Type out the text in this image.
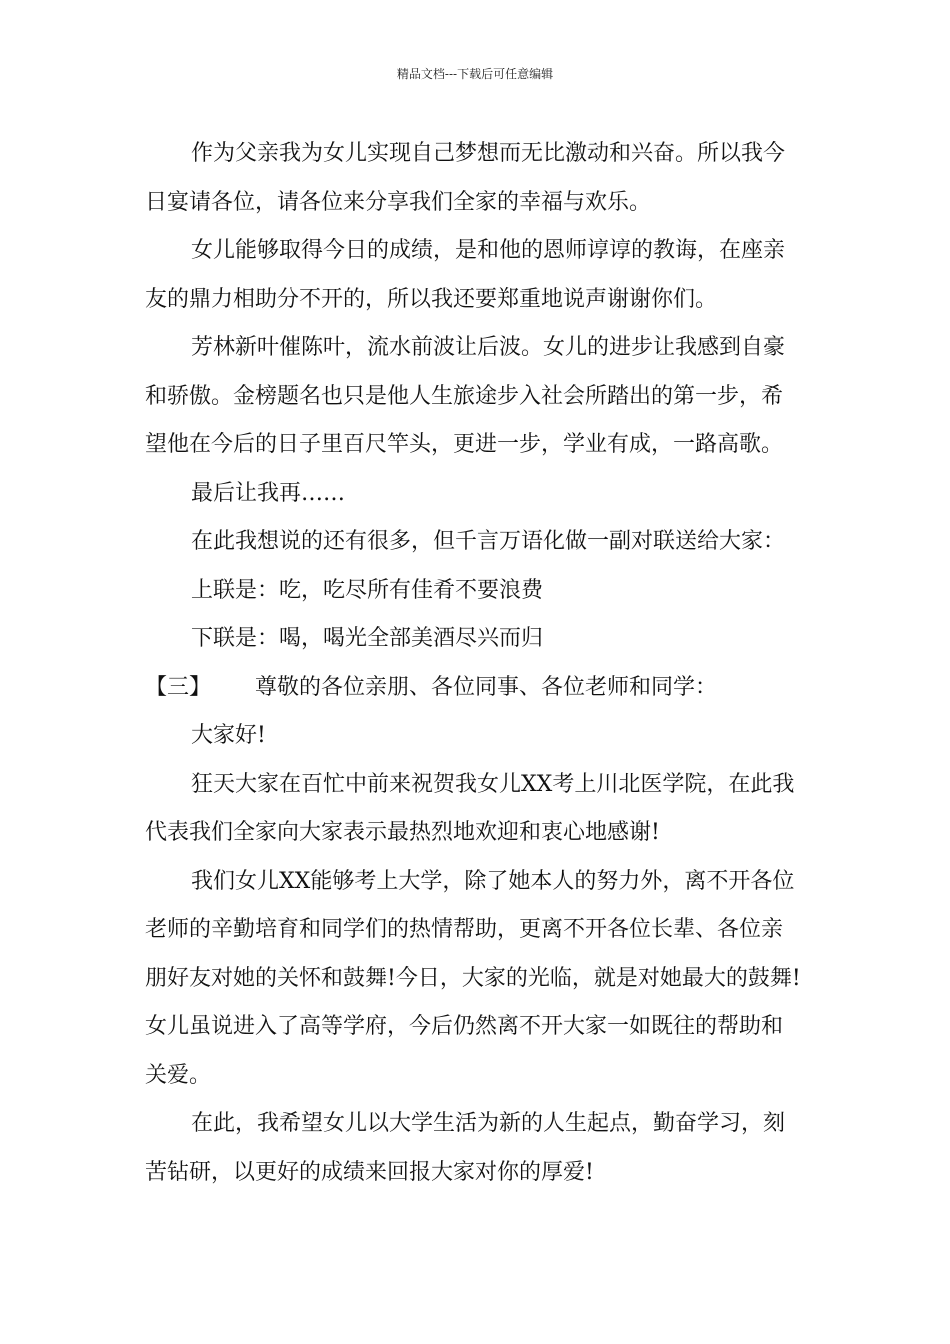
精品文档---下载后可任意编辑
作为父亲我为女儿实现自己梦想而无比激动和兴奋。所以我今
日宴请各位，请各位来分享我们全家的幸福与欢乐。
女儿能够取得今日的成绩，是和他的恩师谆谆的教诲，在座亲
友的鼎力相助分不开的，所以我还要郑重地说声谢谢你们。
芳林新叶催陈叶，流水前波让后波。女儿的进步让我感到自豪
和骄傲。金榜题名也只是他人生旅途步入社会所踏出的第一步，希
望他在今后的日子里百尺竿头，更进一步，学业有成，一路高歌。
最后让我再……
在此我想说的还有很多，但千言万语化做一副对联送给大家：
上联是：吃，吃尽所有佳肴不要浪费
下联是：喝，喝光全部美酒尽兴而归
【三】 尊敬的各位亲朋、各位同事、各位老师和同学：
大家好!
狂天大家在百忙中前来祝贺我女儿XX考上川北医学院，在此我
代表我们全家向大家表示最热烈地欢迎和衷心地感谢!
我们女儿XX能够考上大学，除了她本人的努力外，离不开各位
老师的辛勤培育和同学们的热情帮助，更离不开各位长辈、各位亲
朋好友对她的关怀和鼓舞!今日，大家的光临，就是对她最大的鼓舞!
女儿虽说进入了高等学府，今后仍然离不开大家一如既往的帮助和
关爱。
在此，我希望女儿以大学生活为新的人生起点，勤奋学习，刻
苦钻研，以更好的成绩来回报大家对你的厚爱!
